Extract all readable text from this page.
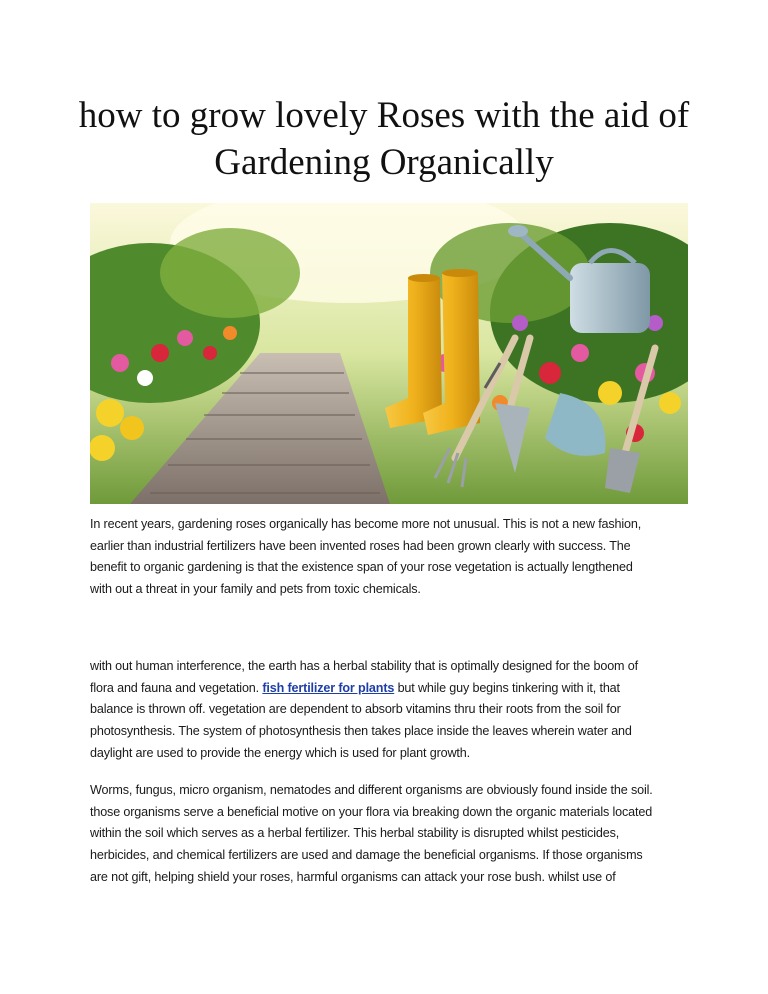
how to grow lovely Roses with the aid of
Gardening Organically

In recent years, gardening roses organically has become more not unusual. This is not a new fashion,
earlier than industrial fertilizers have been invented roses had been grown clearly with success. The
benefit to organic gardening is that the existence span of your rose vegetation is actually lengthened
with out a threat in your family and pets from toxic chemicals.

with out human interference, the earth has a herbal stability that is optimally designed for the boom of
flora and fauna and vegetation. fish fertilizer for plants but while guy begins tinkering with it, that
balance is thrown off. vegetation are dependent to absorb vitamins thru their roots from the soil for
photosynthesis. The system of photosynthesis then takes place inside the leaves wherein water and
daylight are used to provide the energy which is used for plant growth.

Worms, fungus, micro organism, nematodes and different organisms are obviously found inside the soil.
those organisms serve a beneficial motive on your flora via breaking down the organic materials located
within the soil which serves as a herbal fertilizer. This herbal stability is disrupted whilst pesticides,
herbicides, and chemical fertilizers are used and damage the beneficial organisms. If those organisms
are not gift, helping shield your roses, harmful organisms can attack your rose bush. whilst use of
